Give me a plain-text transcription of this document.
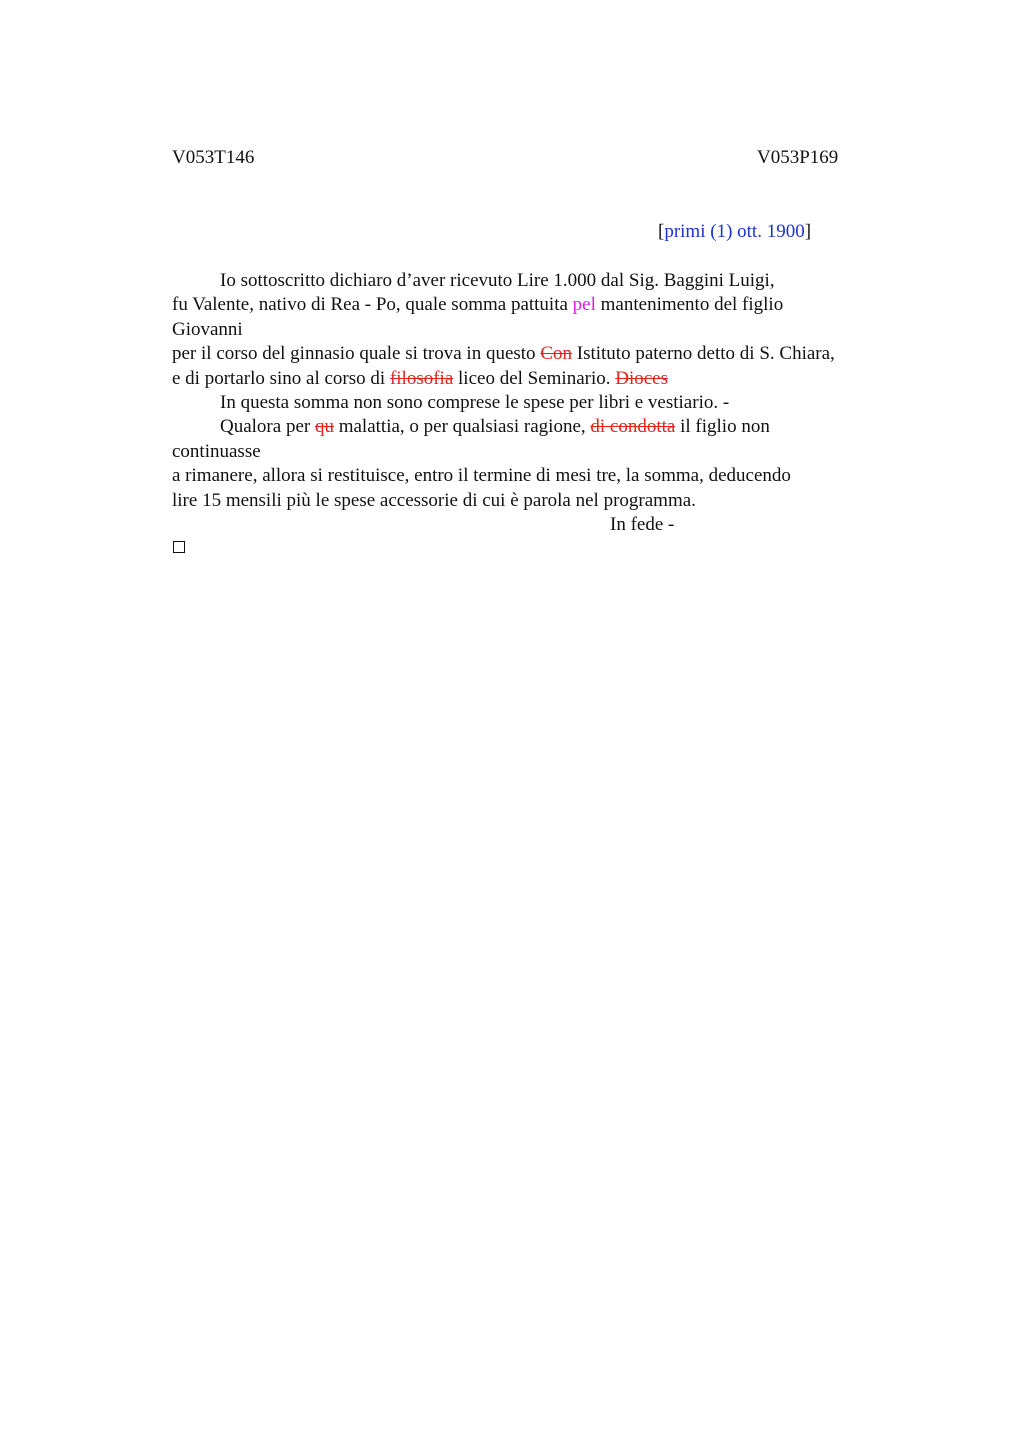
V053T146	V053P169
[primi (1) ott. 1900]
Io sottoscritto dichiaro d’aver ricevuto Lire 1.000 dal Sig. Baggini Luigi,
fu Valente, nativo di Rea - Po, quale somma pattuita pel mantenimento del figlio
Giovanni
per il corso del ginnasio quale si trova in questo Con Istituto paterno detto di S. Chiara,
e di portarlo sino al corso di filosofia liceo del Seminario. Dioces
In questa somma non sono comprese le spese per libri e vestiario. -
Qualora per qu malattia, o per qualsiasi ragione, di condotta il figlio non
continuasse
a rimanere, allora si restituisce, entro il termine di mesi tre, la somma, deducendo
lire 15 mensili più le spese accessorie di cui è parola nel programma.
In fede -
